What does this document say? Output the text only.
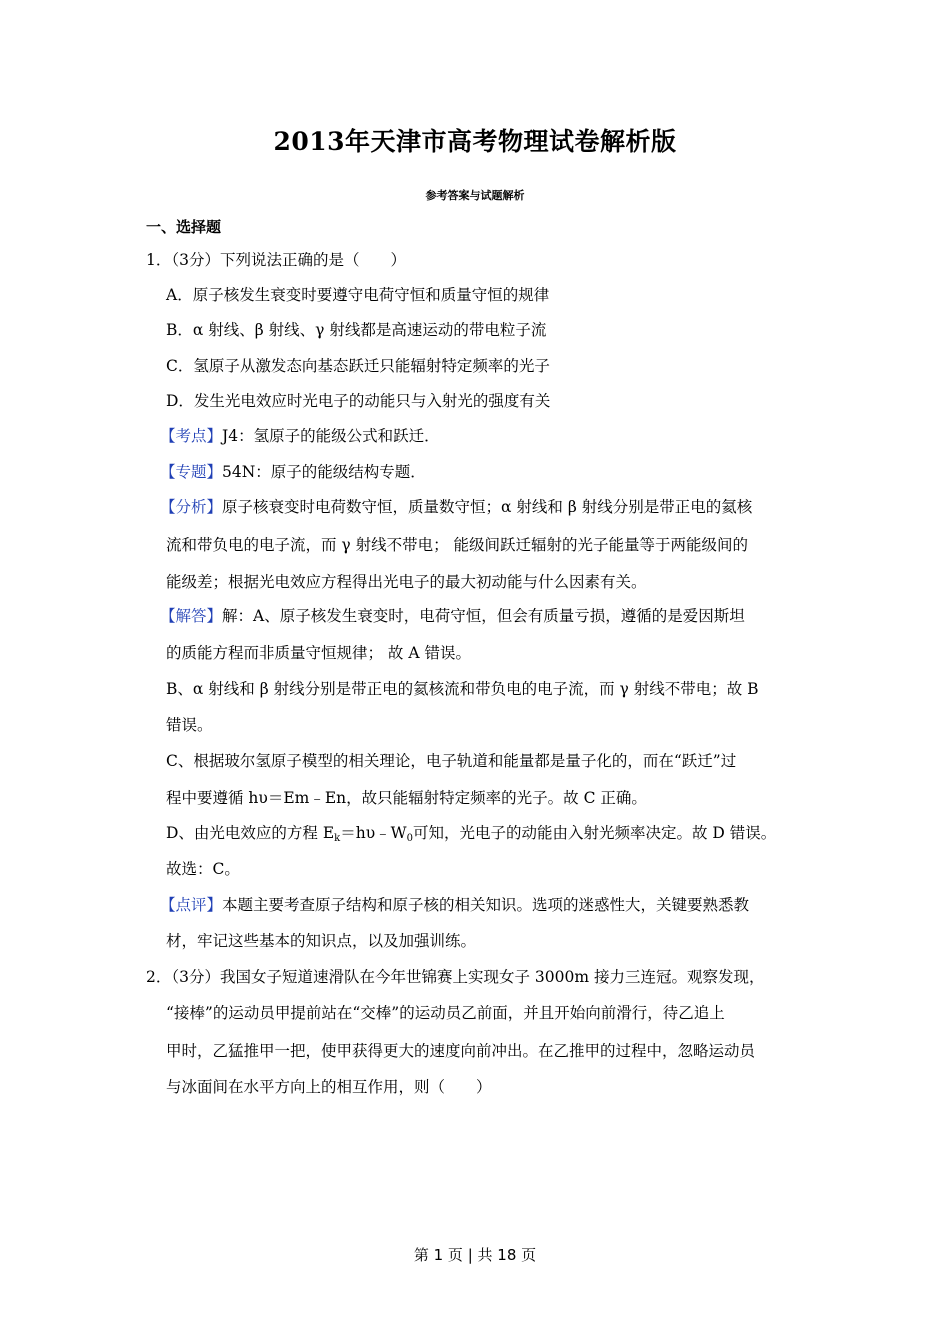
2013年天津市高考物理试卷解析版
参考答案与试题解析
一、选择题
1．（3分）下列说法正确的是（　　）
A．原子核发生衰变时要遵守电荷守恒和质量守恒的规律
B．α 射线、β 射线、γ 射线都是高速运动的带电粒子流
C．氢原子从激发态向基态跃迁只能辐射特定频率的光子
D．发生光电效应时光电子的动能只与入射光的强度有关
【考点】J4：氢原子的能级公式和跃迁．
【专题】54N：原子的能级结构专题．
【分析】原子核衰变时电荷数守恒，质量数守恒；α 射线和 β 射线分别是带正电的氦核
流和带负电的电子流，而 γ 射线不带电； 能级间跃迁辐射的光子能量等于两能级间的
能级差；根据光电效应方程得出光电子的最大初动能与什么因素有关。
【解答】解：A、原子核发生衰变时，电荷守恒，但会有质量亏损，遵循的是爱因斯坦
的质能方程而非质量守恒规律； 故 A 错误。
B、α 射线和 β 射线分别是带正电的氦核流和带负电的电子流，而 γ 射线不带电；故 B
错误。
C、根据玻尔氢原子模型的相关理论，电子轨道和能量都是量子化的，而在“跃迁”过
程中要遵循 hυ＝Em﹣En，故只能辐射特定频率的光子。故 C 正确。
D、由光电效应的方程 $E_k=h\upsilon﹣W_0$可知，光电子的动能由入射光频率决定。故 D 错误。
故选：C。
【点评】本题主要考查原子结构和原子核的相关知识。选项的迷惑性大，关键要熟悉教
材，牢记这些基本的知识点，以及加强训练。
2．（3分）我国女子短道速滑队在今年世锦赛上实现女子 3000m 接力三连冠。观察发现，
“接棒”的运动员甲提前站在“交棒”的运动员乙前面，并且开始向前滑行，待乙追上
甲时，乙猛推甲一把，使甲获得更大的速度向前冲出。在乙推甲的过程中，忽略运动员
与冰面间在水平方向上的相互作用，则（　　）
第 1 页 | 共 18 页
